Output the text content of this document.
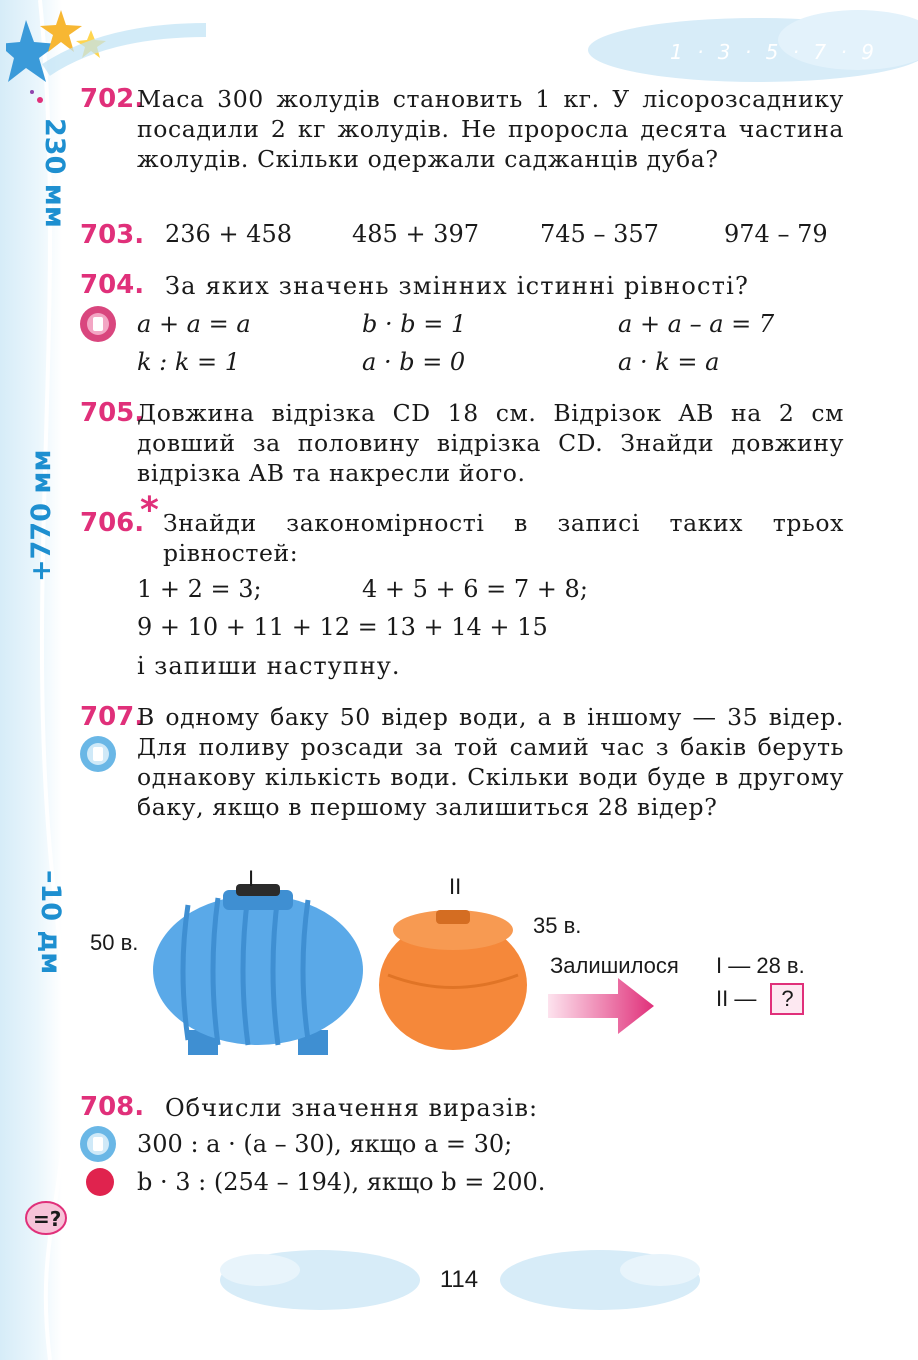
1 · 3 · 5 · 7 · 9
230 мм
+770 мм
–10 дм
702.
Маса 300 жолудів становить 1 кг. У лісорозсаднику посадили 2 кг жолудів. Не проросла десята частина жолудів. Скільки одержали саджанців дуба?
703. 236 + 458	485 + 397	745 – 357	974 – 79
704. За яких значень змінних істинні рівності?
a + a = a	b · b = 1	a + a – a = 7
k : k = 1	a · b = 0	a · k = a
705.
Довжина відрізка CD 18 см. Відрізок AB на 2 см довший за половину відрізка CD. Знайди довжину відрізка AB та накресли його.
706.
* Знайди закономірності в записі таких трьох рівностей:
1 + 2 = 3;	4 + 5 + 6 = 7 + 8;
9 + 10 + 11 + 12 = 13 + 14 + 15
і запиши наступну.
707.
В одному баку 50 відер води, а в іншому — 35 відер. Для поливу розсади за той самий час з баків беруть однакову кількість води. Скільки води буде в другому баку, якщо в першому залишиться 28 відер?
I	II
50 в.
35 в.
Залишилося I — 28 в.
II — ?
708. Обчисли значення виразів:
300 : a · (a – 30), якщо a = 30;
b · 3 : (254 – 194), якщо b = 200.
=?
114
